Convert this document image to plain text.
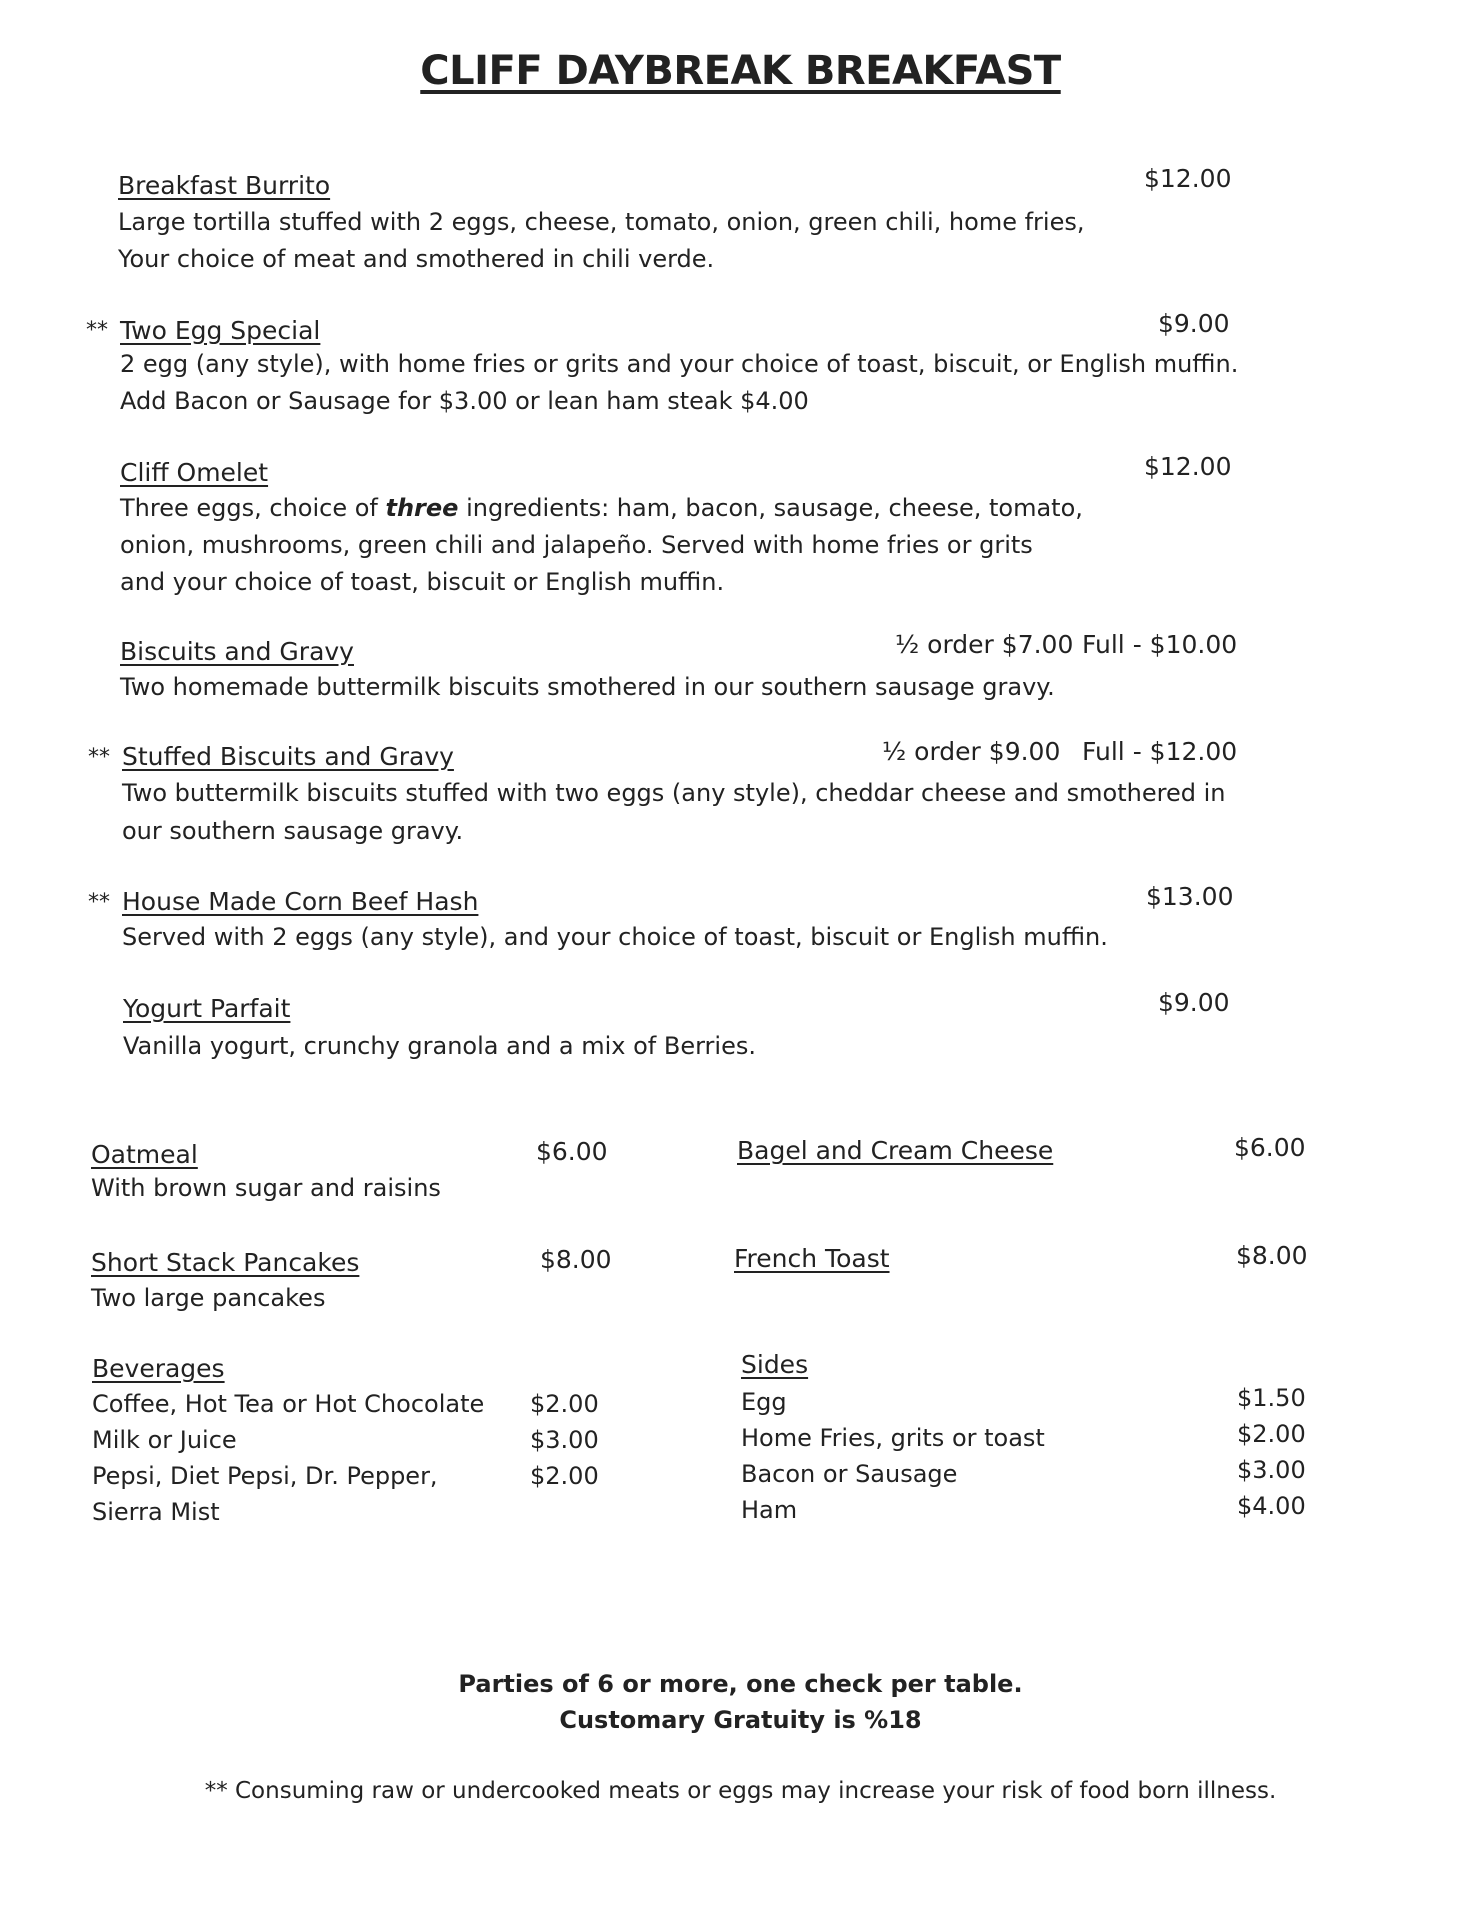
CLIFF DAYBREAK BREAKFAST
Breakfast Burrito	$12.00
Large tortilla stuffed with 2 eggs, cheese, tomato, onion, green chili, home fries,
Your choice of meat and smothered in chili verde.
** Two Egg Special	$9.00
2 egg (any style), with home fries or grits and your choice of toast, biscuit, or English muffin.
Add Bacon or Sausage for $3.00 or lean ham steak $4.00
Cliff Omelet	$12.00
Three eggs, choice of three ingredients: ham, bacon, sausage, cheese, tomato,
onion, mushrooms, green chili and jalapeño. Served with home fries or grits
and your choice of toast, biscuit or English muffin.
Biscuits and Gravy	½ order $7.00 Full - $10.00
Two homemade buttermilk biscuits smothered in our southern sausage gravy.
** Stuffed Biscuits and Gravy	½ order $9.00 Full - $12.00
Two buttermilk biscuits stuffed with two eggs (any style), cheddar cheese and smothered in
our southern sausage gravy.
** House Made Corn Beef Hash	$13.00
Served with 2 eggs (any style), and your choice of toast, biscuit or English muffin.
Yogurt Parfait	$9.00
Vanilla yogurt, crunchy granola and a mix of Berries.
Oatmeal	$6.00
With brown sugar and raisins
Bagel and Cream Cheese	$6.00
Short Stack Pancakes	$8.00
Two large pancakes
French Toast	$8.00
Beverages
Coffee, Hot Tea or Hot Chocolate $2.00
Milk or Juice	$3.00
Pepsi, Diet Pepsi, Dr. Pepper,	$2.00
Sierra Mist
Sides
Egg	$1.50
Home Fries, grits or toast	$2.00
Bacon or Sausage	$3.00
Ham	$4.00
Parties of 6 or more, one check per table.
Customary Gratuity is %18
** Consuming raw or undercooked meats or eggs may increase your risk of food born illness.
